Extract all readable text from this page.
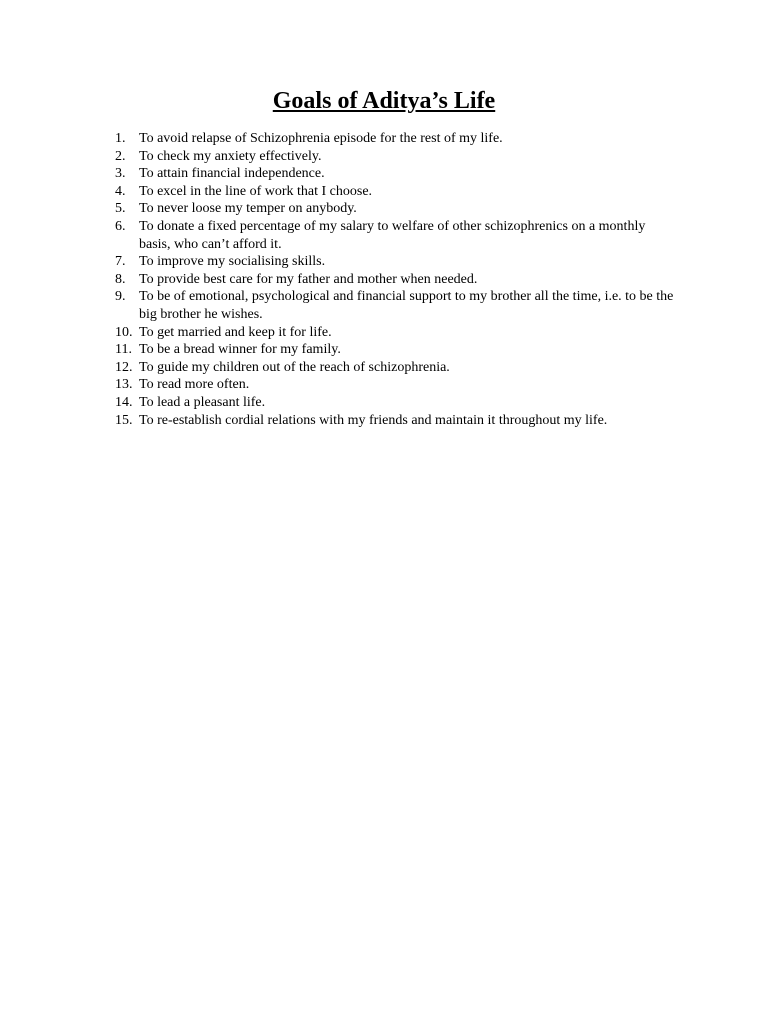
Goals of Aditya’s Life
1. To avoid relapse of Schizophrenia episode for the rest of my life.
2. To check my anxiety effectively.
3. To attain financial independence.
4. To excel in the line of work that I choose.
5. To never loose my temper on anybody.
6. To donate a fixed percentage of my salary to welfare of other schizophrenics on a monthly basis, who can’t afford it.
7. To improve my socialising skills.
8. To provide best care for my father and mother when needed.
9. To be of emotional, psychological and financial support to my brother all the time, i.e. to be the big brother he wishes.
10. To get married and keep it for life.
11. To be a bread winner for my family.
12. To guide my children out of the reach of schizophrenia.
13. To read more often.
14. To lead a pleasant life.
15. To re-establish cordial relations with my friends and maintain it throughout my life.
